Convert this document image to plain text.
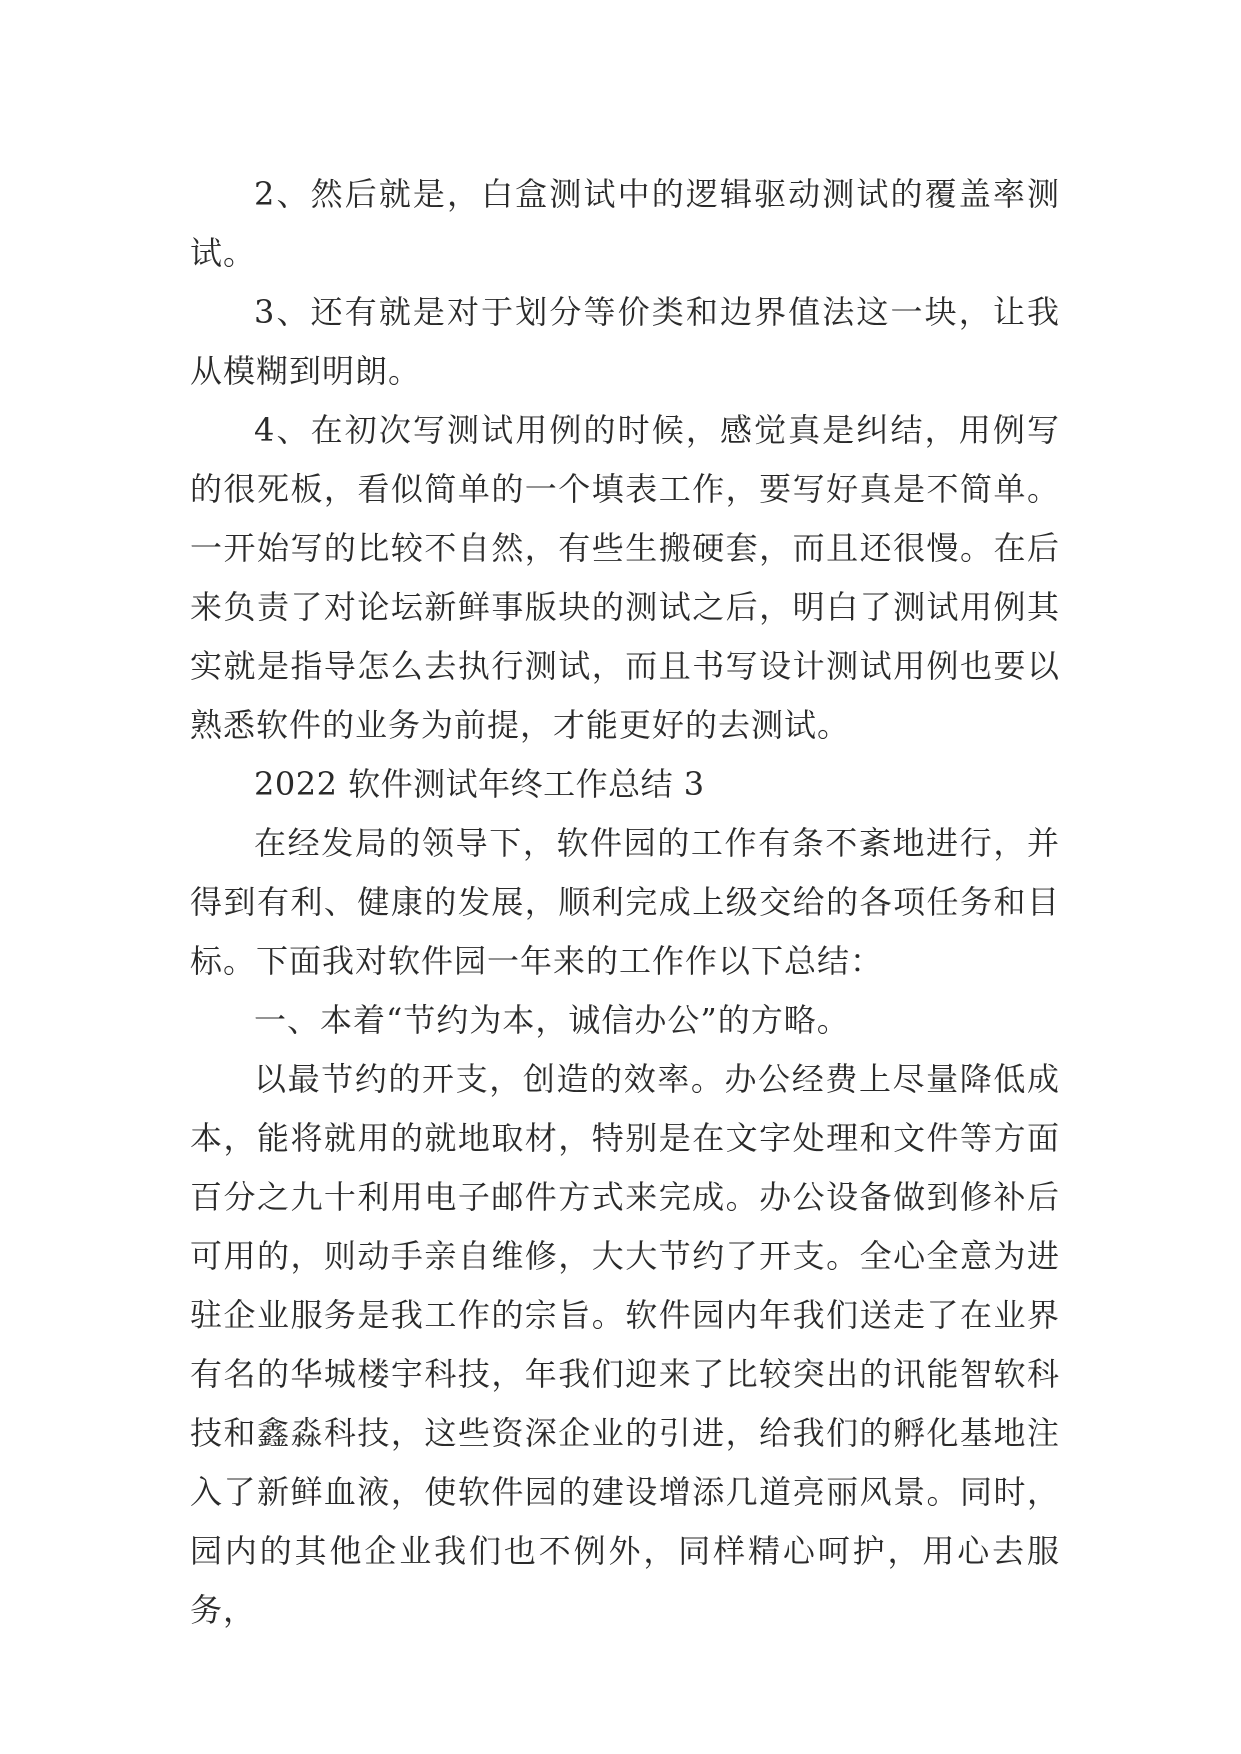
2、然后就是，白盒测试中的逻辑驱动测试的覆盖率测试。

3、还有就是对于划分等价类和边界值法这一块，让我从模糊到明朗。

4、在初次写测试用例的时候，感觉真是纠结，用例写的很死板，看似简单的一个填表工作，要写好真是不简单。一开始写的比较不自然，有些生搬硬套，而且还很慢。在后来负责了对论坛新鲜事版块的测试之后，明白了测试用例其实就是指导怎么去执行测试，而且书写设计测试用例也要以熟悉软件的业务为前提，才能更好的去测试。

2022 软件测试年终工作总结 3

在经发局的领导下，软件园的工作有条不紊地进行，并得到有利、健康的发展，顺利完成上级交给的各项任务和目标。下面我对软件园一年来的工作作以下总结：

一、本着“节约为本，诚信办公”的方略。

以最节约的开支，创造的效率。办公经费上尽量降低成本，能将就用的就地取材，特别是在文字处理和文件等方面百分之九十利用电子邮件方式来完成。办公设备做到修补后可用的，则动手亲自维修，大大节约了开支。全心全意为进驻企业服务是我工作的宗旨。软件园内年我们送走了在业界有名的华城楼宇科技，年我们迎来了比较突出的讯能智软科技和鑫淼科技，这些资深企业的引进，给我们的孵化基地注入了新鲜血液，使软件园的建设增添几道亮丽风景。同时，园内的其他企业我们也不例外，同样精心呵护，用心去服务，
